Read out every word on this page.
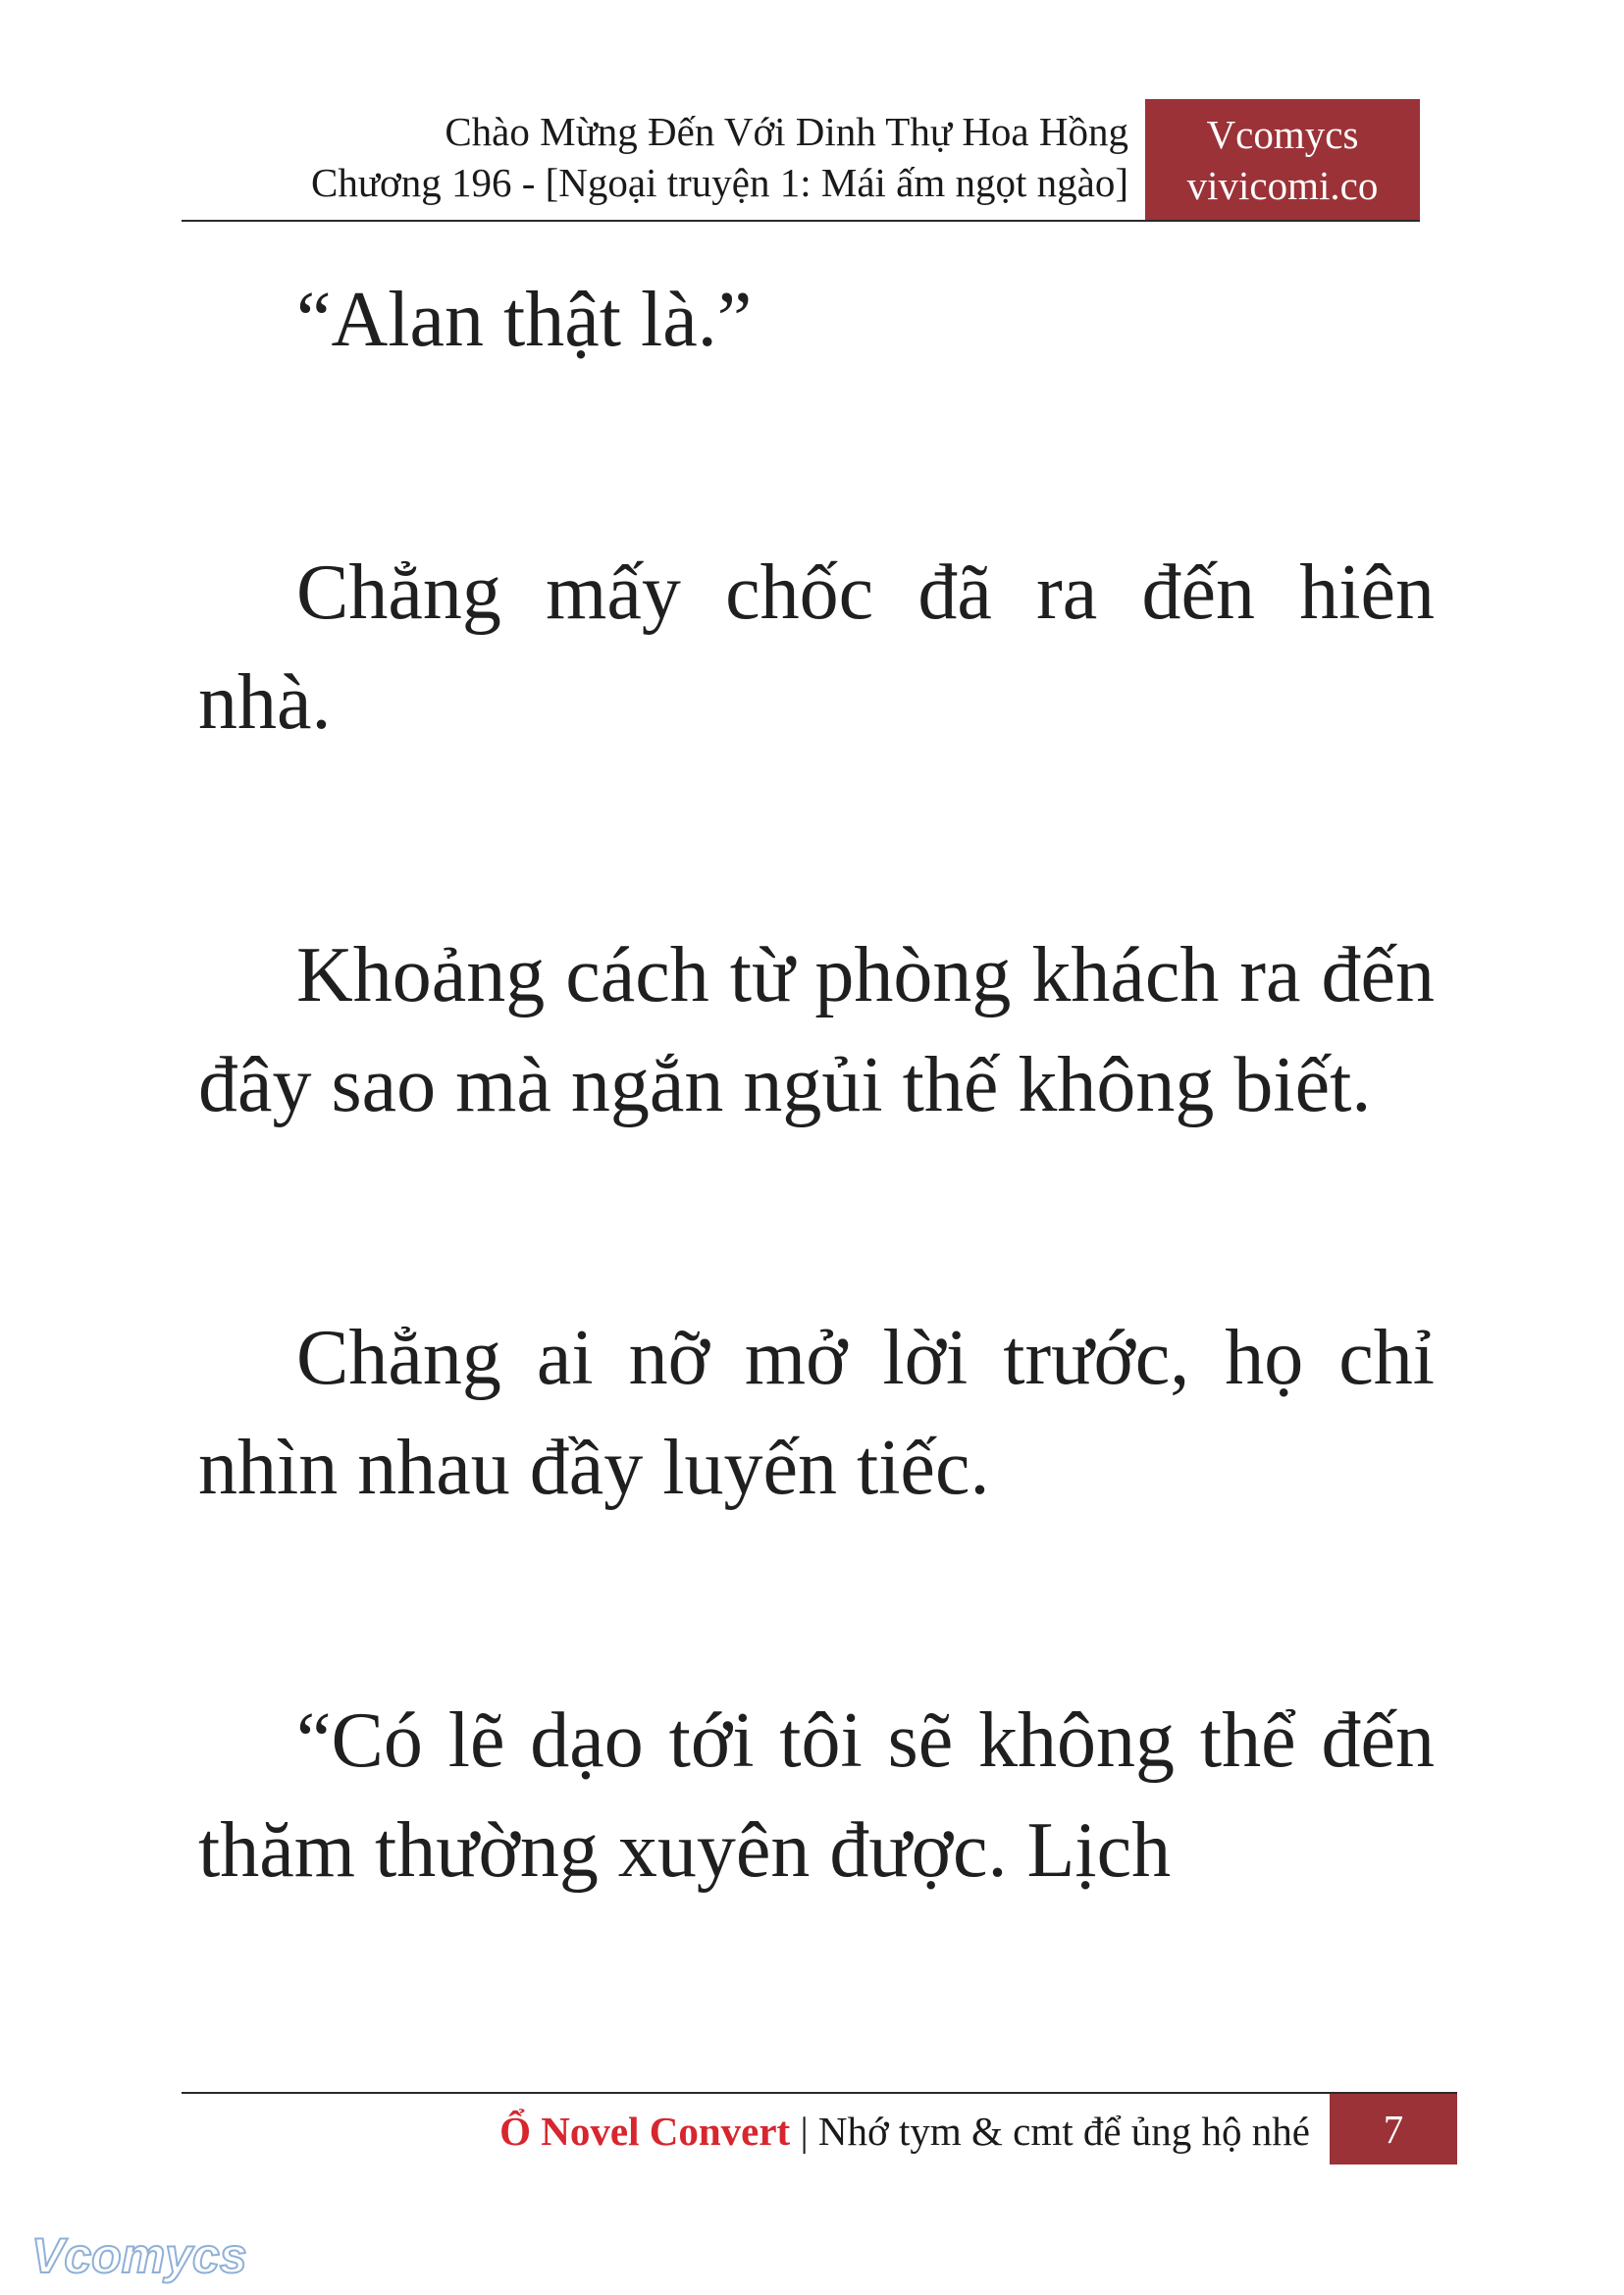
Chào Mừng Đến Với Dinh Thự Hoa Hồng
Chương 196 - [Ngoại truyện 1: Mái ấm ngọt ngào]
Vcomycs
vivicomi.co

“Alan thật là.”

Chẳng mấy chốc đã ra đến hiên nhà.

Khoảng cách từ phòng khách ra đến đây sao mà ngắn ngủi thế không biết.

Chẳng ai nỡ mở lời trước, họ chỉ nhìn nhau đầy luyến tiếc.

“Có lẽ dạo tới tôi sẽ không thể đến thăm thường xuyên được. Lịch

Ổ Novel Convert | Nhớ tym & cmt để ủng hộ nhé	7
Vcomycs
